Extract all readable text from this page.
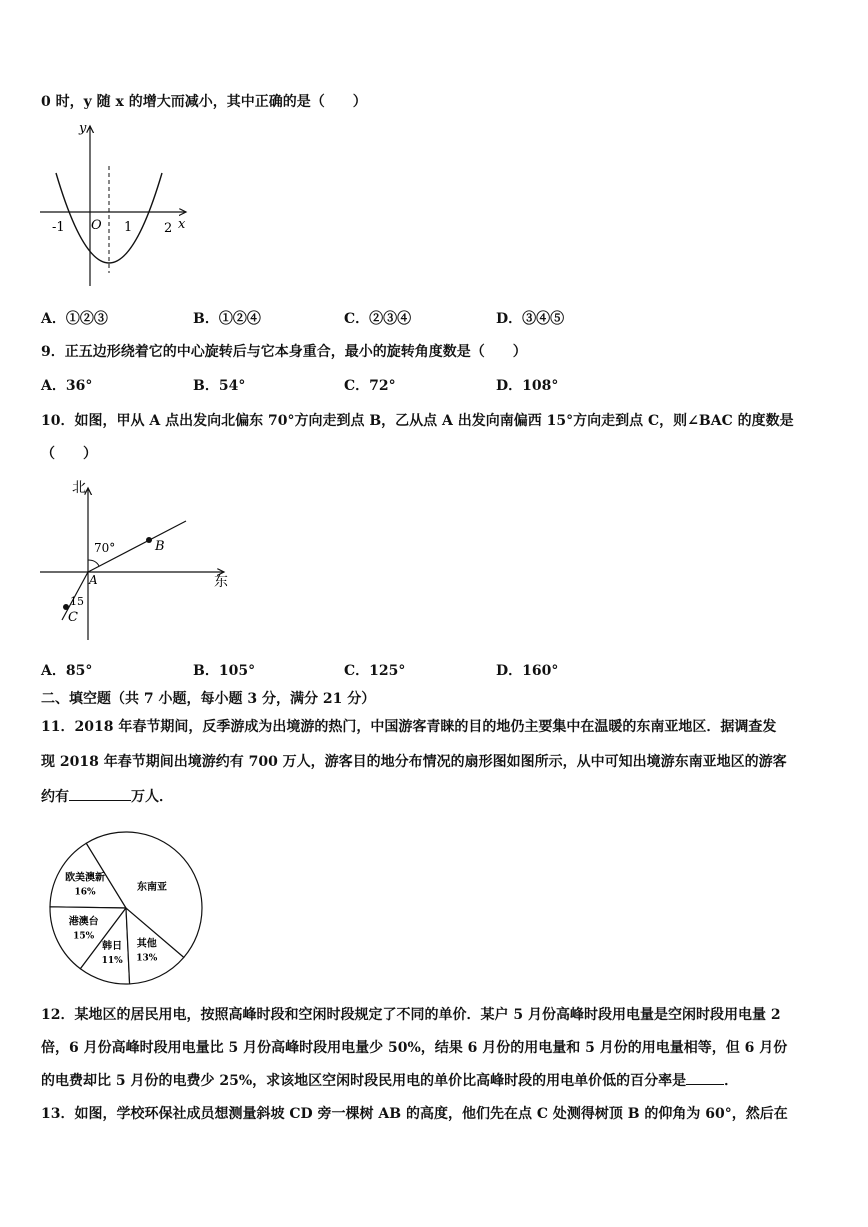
0 时，y 随 x 的增大而减小，其中正确的是（　　）
y
x
O
-1	1 2
A．①②③	B．①②④	C．②③④	D．③④⑤
9．正五边形绕着它的中心旋转后与它本身重合，最小的旋转角度数是（　　）
A．36°	B．54°	C．72°	D．108°
10．如图，甲从 A 点出发向北偏东 70°方向走到点 B，乙从点 A 出发向南偏西 15°方向走到点 C，则∠BAC 的度数是
（　　）
北
东
70°
15
A
B
C
A．85°	B．105°	C．125°	D．160°
二、填空题（共 7 小题，每小题 3 分，满分 21 分）
11．2018 年春节期间，反季游成为出境游的热门，中国游客青睐的目的地仍主要集中在温暖的东南亚地区．据调查发
现 2018 年春节期间出境游约有 700 万人，游客目的地分布情况的扇形图如图所示，从中可知出境游东南亚地区的游客
约有	万人．
欧美澳新
16%
港澳台
15%
韩日
11%
其他
13%
东南亚
12．某地区的居民用电，按照高峰时段和空闲时段规定了不同的单价．某户 5 月份高峰时段用电量是空闲时段用电量 2
倍，6 月份高峰时段用电量比 5 月份高峰时段用电量少 50%，结果 6 月份的用电量和 5 月份的用电量相等，但 6 月份
的电费却比 5 月份的电费少 25%，求该地区空闲时段民用电的单价比高峰时段的用电单价低的百分率是	．
13．如图，学校环保社成员想测量斜坡 CD 旁一棵树 AB 的高度，他们先在点 C 处测得树顶 B 的仰角为 60°，然后在
